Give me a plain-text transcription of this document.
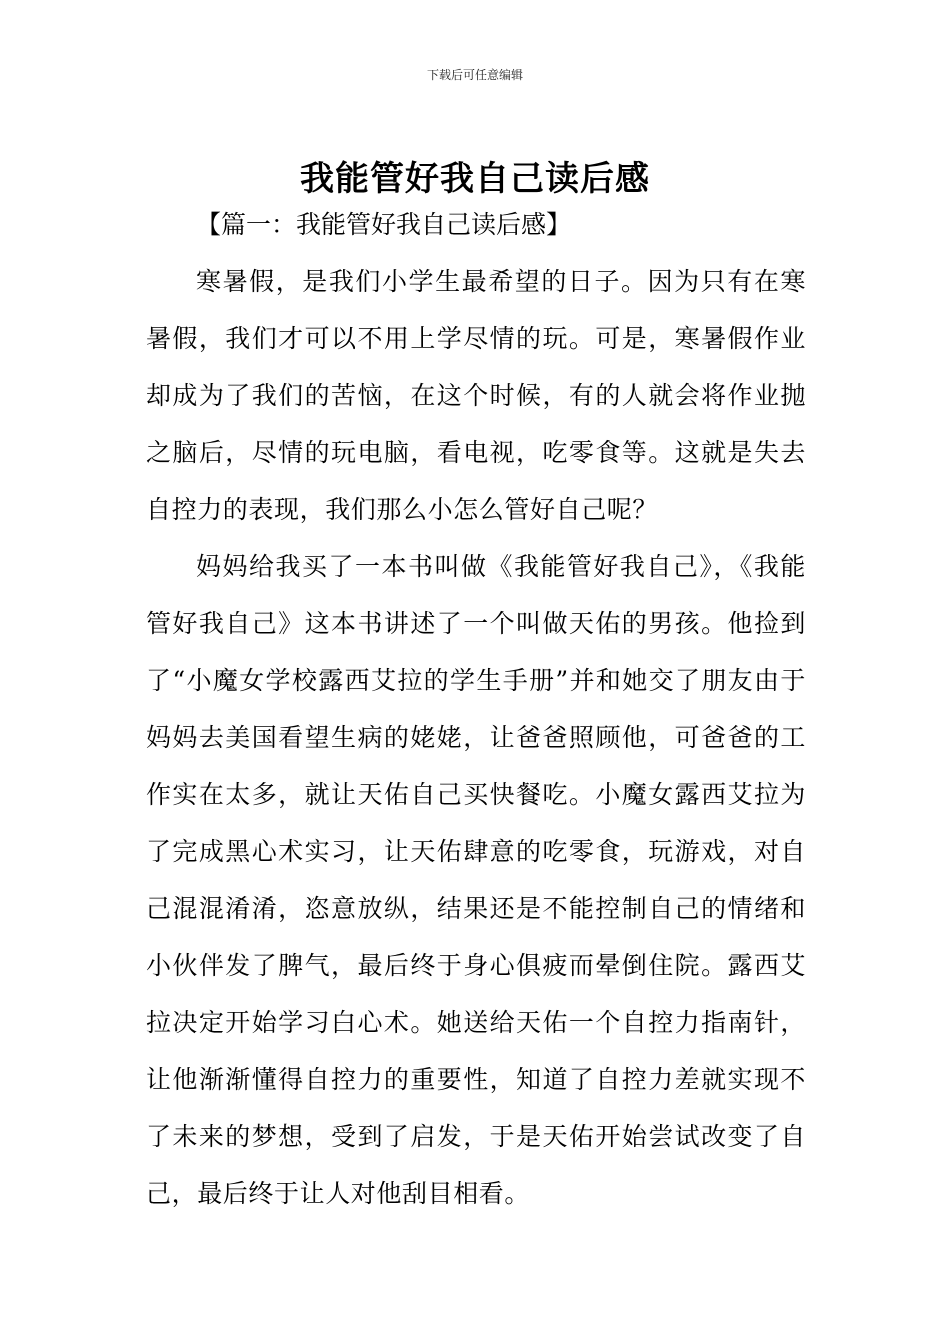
下载后可任意编辑
我能管好我自己读后感

【篇一：我能管好我自己读后感】

寒暑假，是我们小学生最希望的日子。因为只有在寒暑假，我们才可以不用上学尽情的玩。可是，寒暑假作业却成为了我们的苦恼，在这个时候，有的人就会将作业抛之脑后，尽情的玩电脑，看电视，吃零食等。这就是失去自控力的表现，我们那么小怎么管好自己呢？

妈妈给我买了一本书叫做《我能管好我自己》，《我能管好我自己》这本书讲述了一个叫做天佑的男孩。他捡到了“小魔女学校露西艾拉的学生手册”并和她交了朋友由于妈妈去美国看望生病的姥姥，让爸爸照顾他，可爸爸的工作实在太多，就让天佑自己买快餐吃。小魔女露西艾拉为了完成黑心术实习，让天佑肆意的吃零食，玩游戏，对自己混混淆淆，恣意放纵，结果还是不能控制自己的情绪和小伙伴发了脾气，最后终于身心俱疲而晕倒住院。露西艾拉决定开始学习白心术。她送给天佑一个自控力指南针，让他渐渐懂得自控力的重要性，知道了自控力差就实现不了未来的梦想，受到了启发，于是天佑开始尝试改变了自己，最后终于让人对他刮目相看。
